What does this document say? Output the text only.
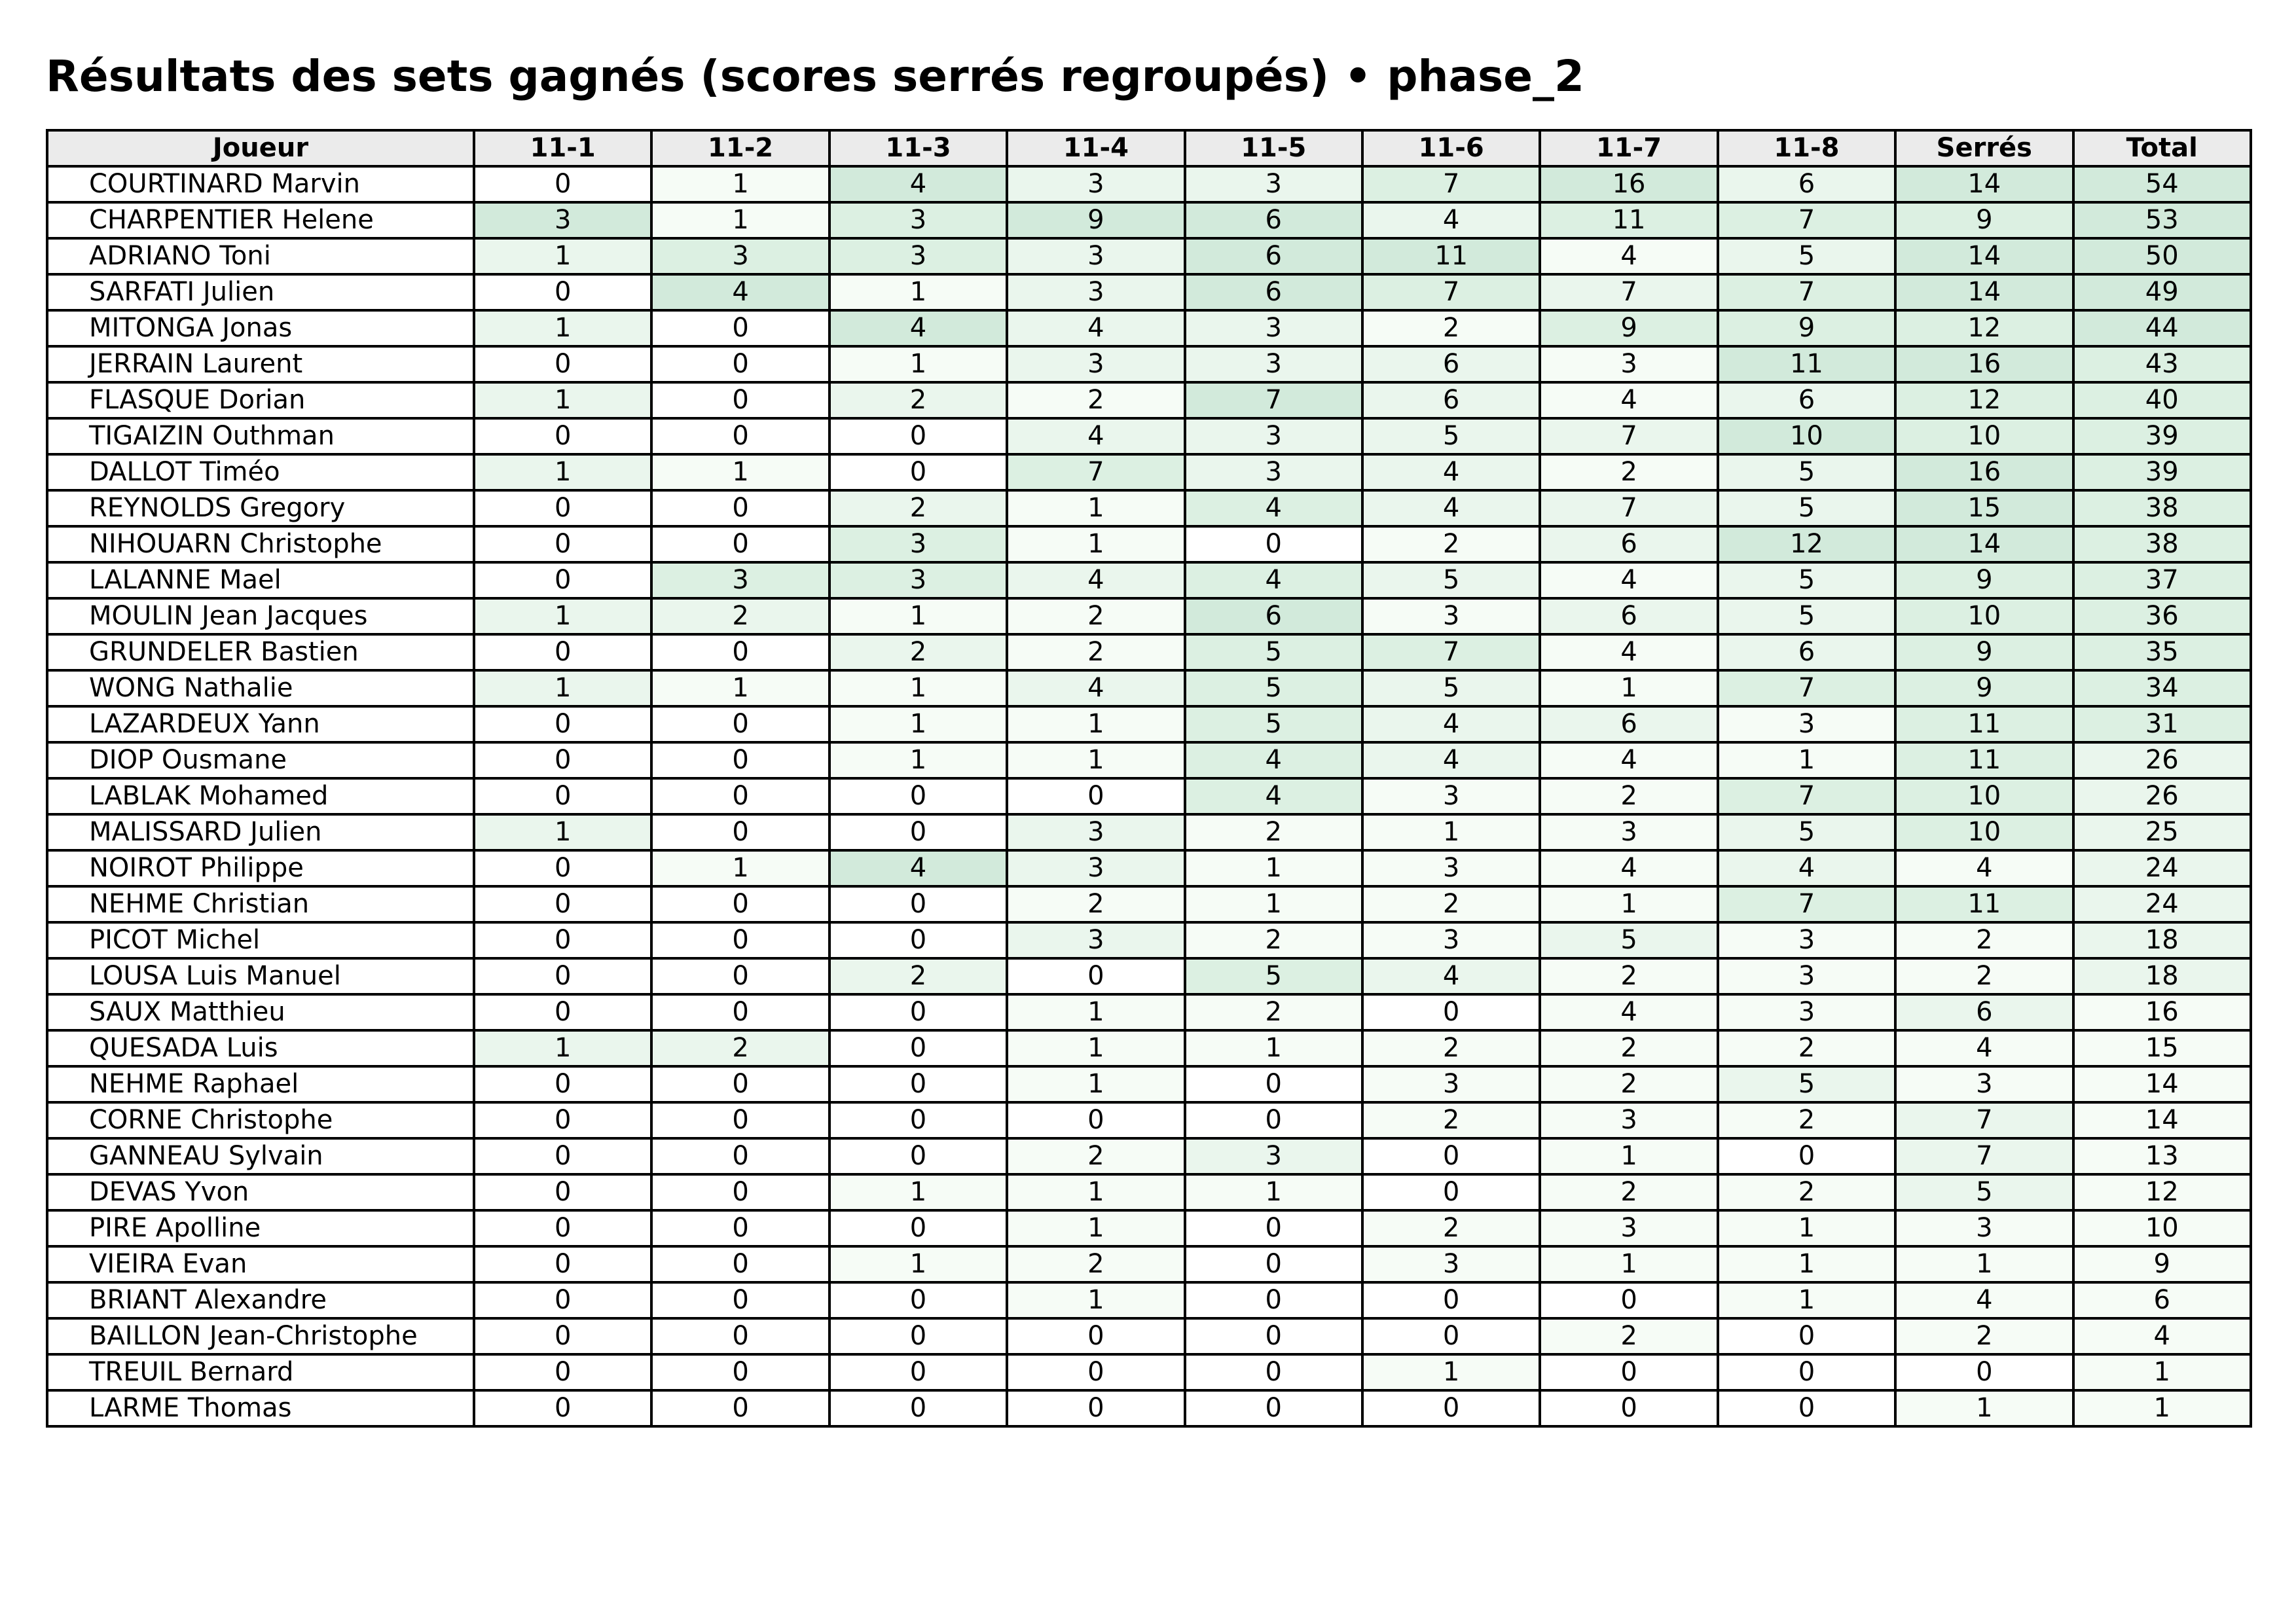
Résultats des sets gagnés (scores serrés regroupés) • phase_2
Joueur	11-1	11-2	11-3	11-4	11-5	11-6	11-7	11-8	Serrés	Total
COURTINARD Marvin	0	1	4	3	3	7	16	6	14	54
CHARPENTIER Helene	3	1	3	9	6	4	11	7	9	53
ADRIANO Toni	1	3	3	3	6	11	4	5	14	50
SARFATI Julien	0	4	1	3	6	7	7	7	14	49
MITONGA Jonas	1	0	4	4	3	2	9	9	12	44
JERRAIN Laurent	0	0	1	3	3	6	3	11	16	43
FLASQUE Dorian	1	0	2	2	7	6	4	6	12	40
TIGAIZIN Outhman	0	0	0	4	3	5	7	10	10	39
DALLOT Timéo	1	1	0	7	3	4	2	5	16	39
REYNOLDS Gregory	0	0	2	1	4	4	7	5	15	38
NIHOUARN Christophe	0	0	3	1	0	2	6	12	14	38
LALANNE Mael	0	3	3	4	4	5	4	5	9	37
MOULIN Jean Jacques	1	2	1	2	6	3	6	5	10	36
GRUNDELER Bastien	0	0	2	2	5	7	4	6	9	35
WONG Nathalie	1	1	1	4	5	5	1	7	9	34
LAZARDEUX Yann	0	0	1	1	5	4	6	3	11	31
DIOP Ousmane	0	0	1	1	4	4	4	1	11	26
LABLAK Mohamed	0	0	0	0	4	3	2	7	10	26
MALISSARD Julien	1	0	0	3	2	1	3	5	10	25
NOIROT Philippe	0	1	4	3	1	3	4	4	4	24
NEHME Christian	0	0	0	2	1	2	1	7	11	24
PICOT Michel	0	0	0	3	2	3	5	3	2	18
LOUSA Luis Manuel	0	0	2	0	5	4	2	3	2	18
SAUX Matthieu	0	0	0	1	2	0	4	3	6	16
QUESADA Luis	1	2	0	1	1	2	2	2	4	15
NEHME Raphael	0	0	0	1	0	3	2	5	3	14
CORNE Christophe	0	0	0	0	0	2	3	2	7	14
GANNEAU Sylvain	0	0	0	2	3	0	1	0	7	13
DEVAS Yvon	0	0	1	1	1	0	2	2	5	12
PIRE Apolline	0	0	0	1	0	2	3	1	3	10
VIEIRA Evan	0	0	1	2	0	3	1	1	1	9
BRIANT Alexandre	0	0	0	1	0	0	0	1	4	6
BAILLON Jean-Christophe	0	0	0	0	0	0	2	0	2	4
TREUIL Bernard	0	0	0	0	0	1	0	0	0	1
LARME Thomas	0	0	0	0	0	0	0	0	1	1
